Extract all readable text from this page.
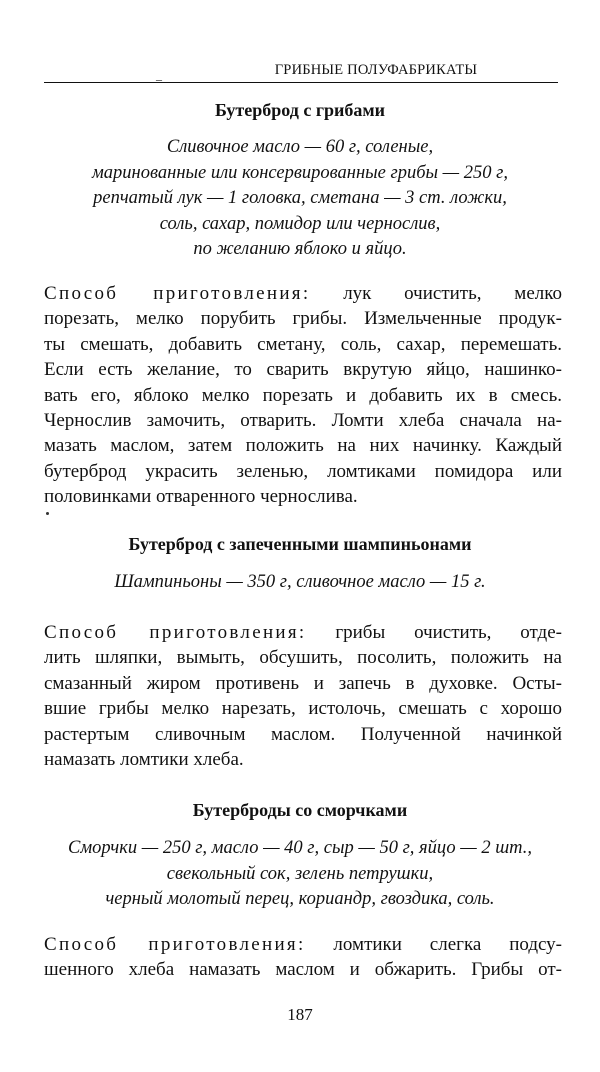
_	ГРИБНЫЕ ПОЛУФАБРИКАТЫ
Бутерброд с грибами
Сливочное масло — 60 г, соленые,
маринованные или консервированные грибы — 250 г,
репчатый лук — 1 головка, сметана — 3 ст. ложки,
соль, сахар, помидор или чернослив,
по желанию яблоко и яйцо.
Способ приготовления: лук очистить, мелко
порезать, мелко порубить грибы. Измельченные продук-
ты смешать, добавить сметану, соль, сахар, перемешать.
Если есть желание, то сварить вкрутую яйцо, нашинко-
вать его, яблоко мелко порезать и добавить их в смесь.
Чернослив замочить, отварить. Ломти хлеба сначала на-
мазать маслом, затем положить на них начинку. Каждый
бутерброд украсить зеленью, ломтиками помидора или
половинками отваренного чернослива.
Бутерброд с запеченными шампиньонами
Шампиньоны — 350 г, сливочное масло — 15 г.
Способ приготовления: грибы очистить, отде-
лить шляпки, вымыть, обсушить, посолить, положить на
смазанный жиром противень и запечь в духовке. Осты-
вшие грибы мелко нарезать, истолочь, смешать с хорошо
растертым сливочным маслом. Полученной начинкой
намазать ломтики хлеба.
Бутерброды со сморчками
Сморчки — 250 г, масло — 40 г, сыр — 50 г, яйцо — 2 шт.,
свекольный сок, зелень петрушки,
черный молотый перец, кориандр, гвоздика, соль.
Способ приготовления: ломтики слегка подсу-
шенного хлеба намазать маслом и обжарить. Грибы от-
187
